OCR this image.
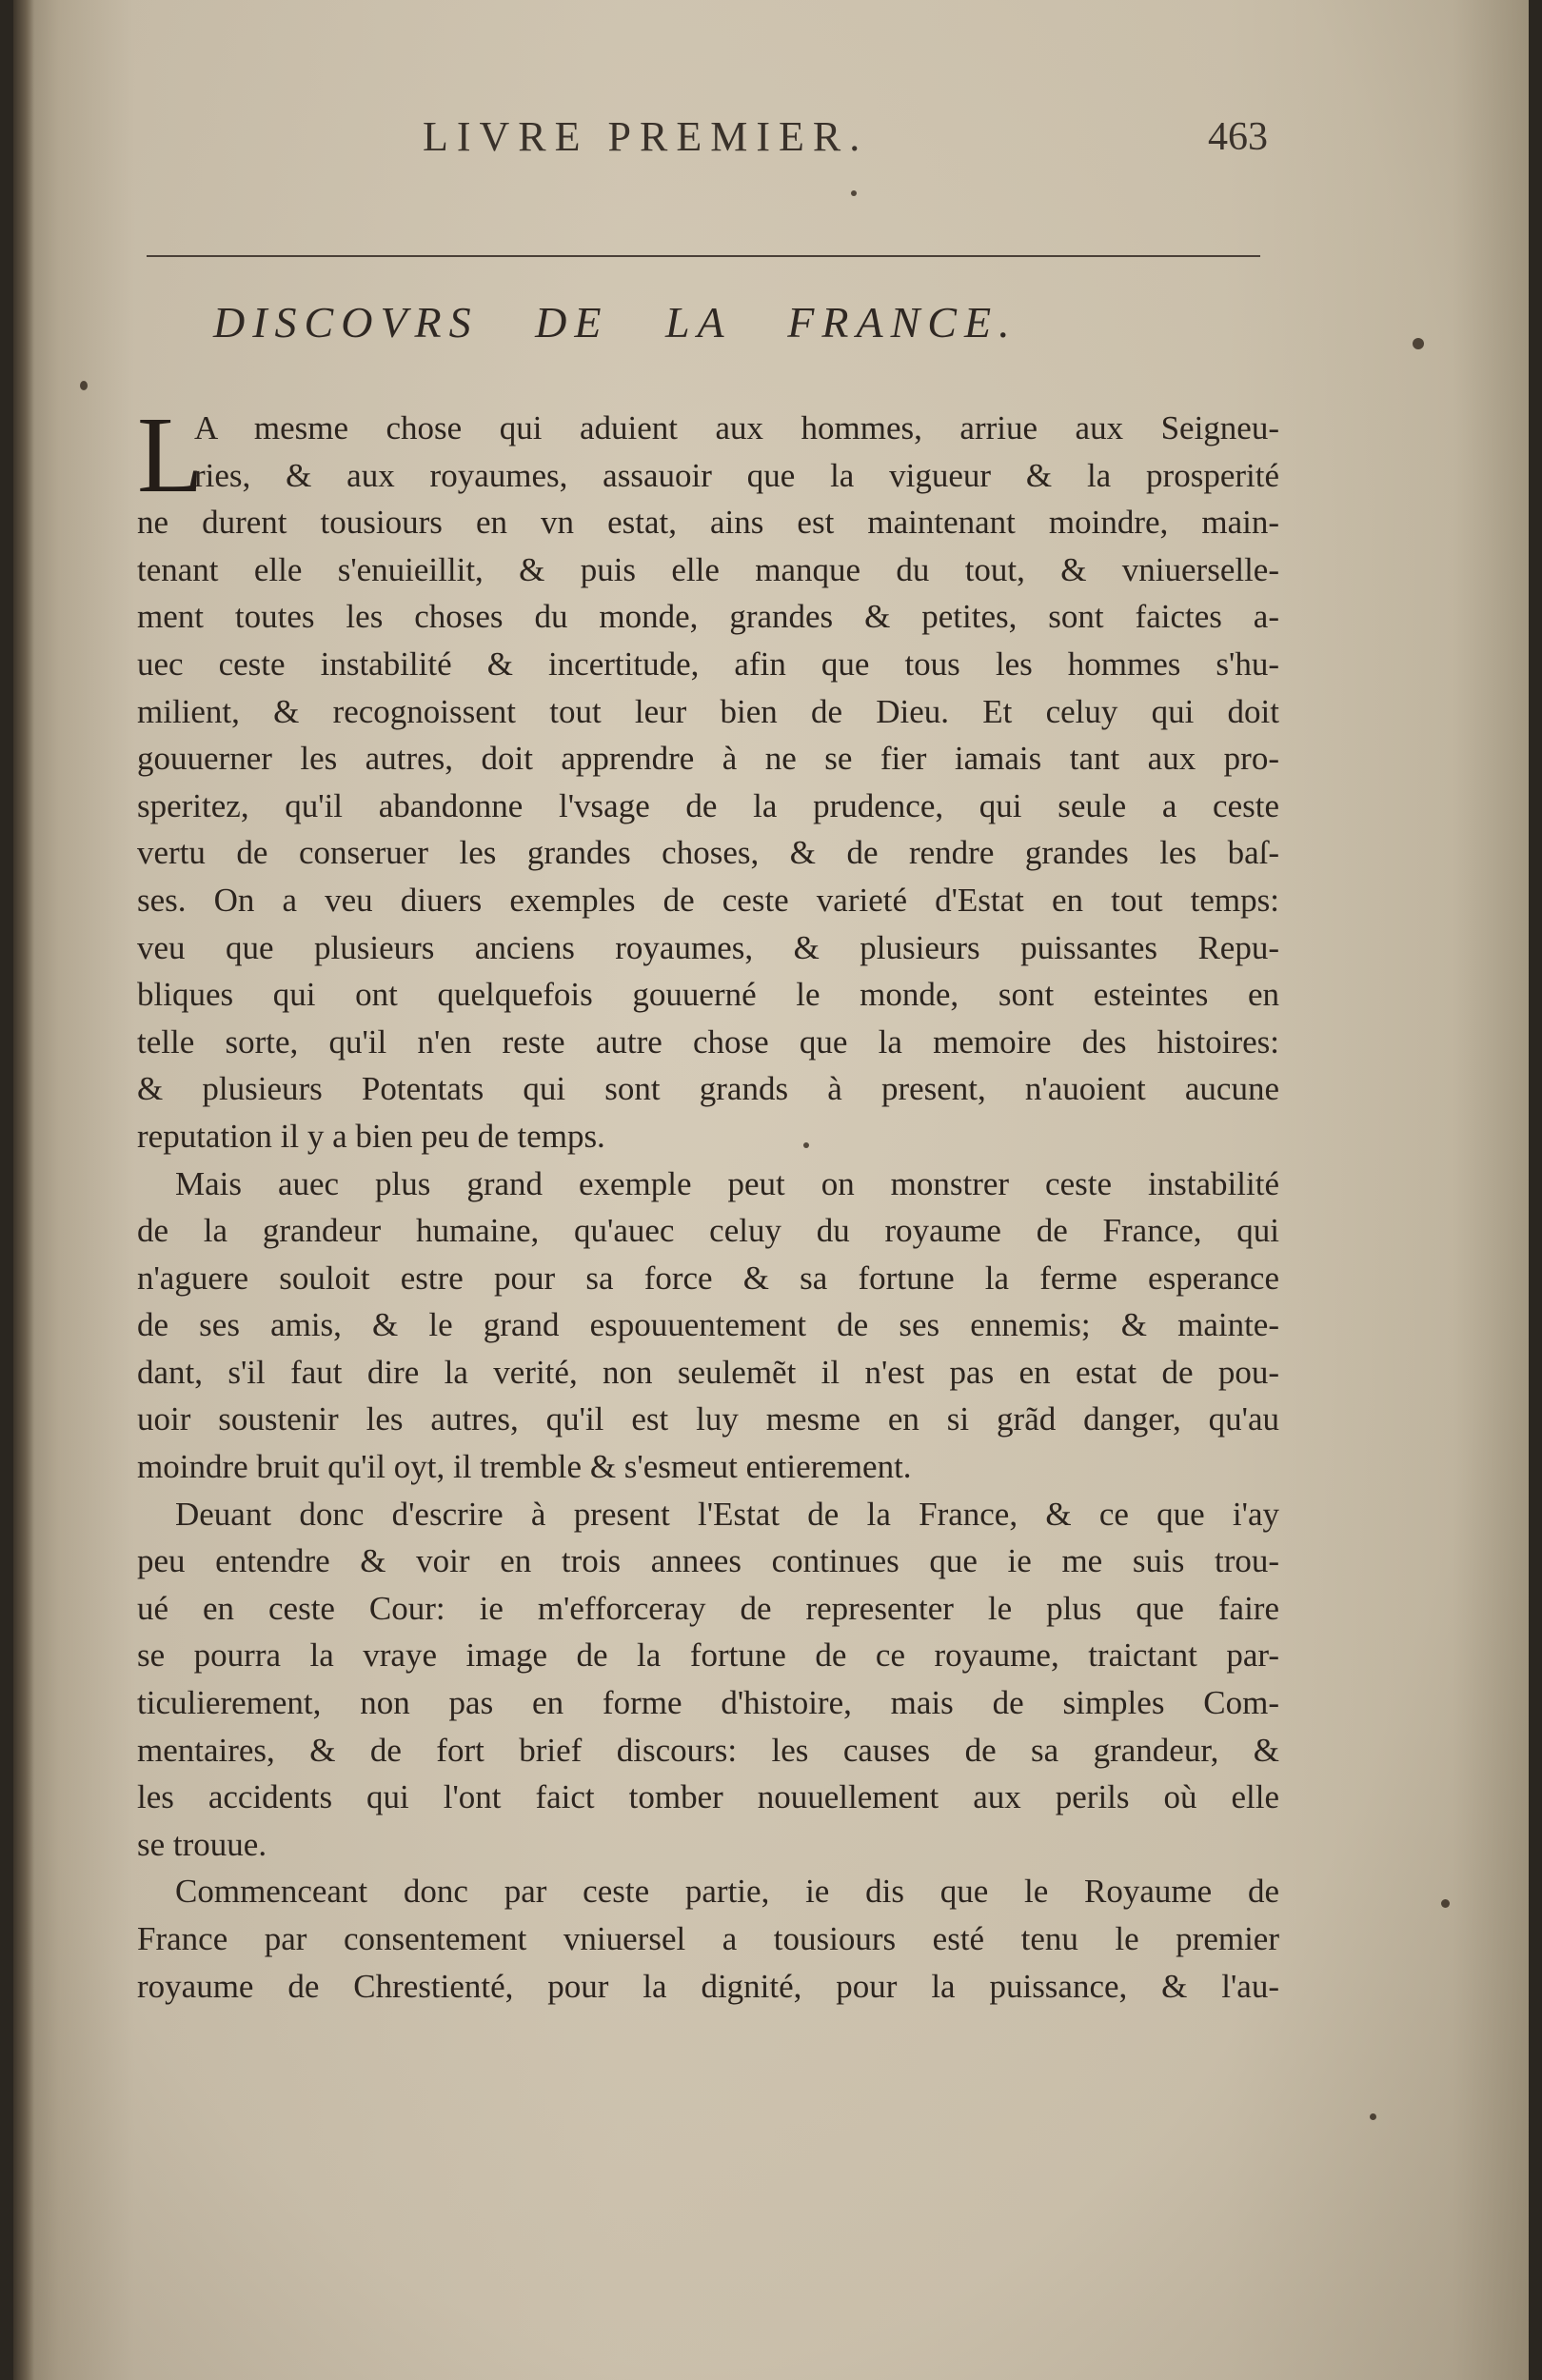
LIVRE PREMIER.	463
DISCOVRS DE LA FRANCE.
L
A mesme chose qui aduient aux hommes, arriue aux Seigneu-
ries, & aux royaumes, assauoir que la vigueur & la prosperité
ne durent tousiours en vn estat, ains est maintenant moindre, main-
tenant elle s'enuieillit, & puis elle manque du tout, & vniuerselle-
ment toutes les choses du monde, grandes & petites, sont faictes a-
uec ceste instabilité & incertitude, afin que tous les hommes s'hu-
milient, & recognoissent tout leur bien de Dieu. Et celuy qui doit
gouuerner les autres, doit apprendre à ne se fier iamais tant aux pro-
speritez, qu'il abandonne l'vsage de la prudence, qui seule a ceste
vertu de conseruer les grandes choses, & de rendre grandes les baſ-
ses. On a veu diuers exemples de ceste varieté d'Estat en tout temps:
veu que plusieurs anciens royaumes, & plusieurs puissantes Repu-
bliques qui ont quelquefois gouuerné le monde, sont esteintes en
telle sorte, qu'il n'en reste autre chose que la memoire des histoires:
& plusieurs Potentats qui sont grands à present, n'auoient aucune
reputation il y a bien peu de temps.
Mais auec plus grand exemple peut on monstrer ceste instabilité
de la grandeur humaine, qu'auec celuy du royaume de France, qui
n'aguere souloit estre pour sa force & sa fortune la ferme esperance
de ses amis, & le grand espouuentement de ses ennemis; & mainte-
dant, s'il faut dire la verité, non seulemẽt il n'est pas en estat de pou-
uoir soustenir les autres, qu'il est luy mesme en si grãd danger, qu'au
moindre bruit qu'il oyt, il tremble & s'esmeut entierement.
Deuant donc d'escrire à present l'Estat de la France, & ce que i'ay
peu entendre & voir en trois annees continues que ie me suis trou-
ué en ceste Cour: ie m'efforceray de representer le plus que faire
se pourra la vraye image de la fortune de ce royaume, traictant par-
ticulierement, non pas en forme d'histoire, mais de simples Com-
mentaires, & de fort brief discours: les causes de sa grandeur, &
les accidents qui l'ont faict tomber nouuellement aux perils où elle
se trouue.
Commenceant donc par ceste partie, ie dis que le Royaume de
France par consentement vniuersel a tousiours esté tenu le premier
royaume de Chrestienté, pour la dignité, pour la puissance, & l'au-
